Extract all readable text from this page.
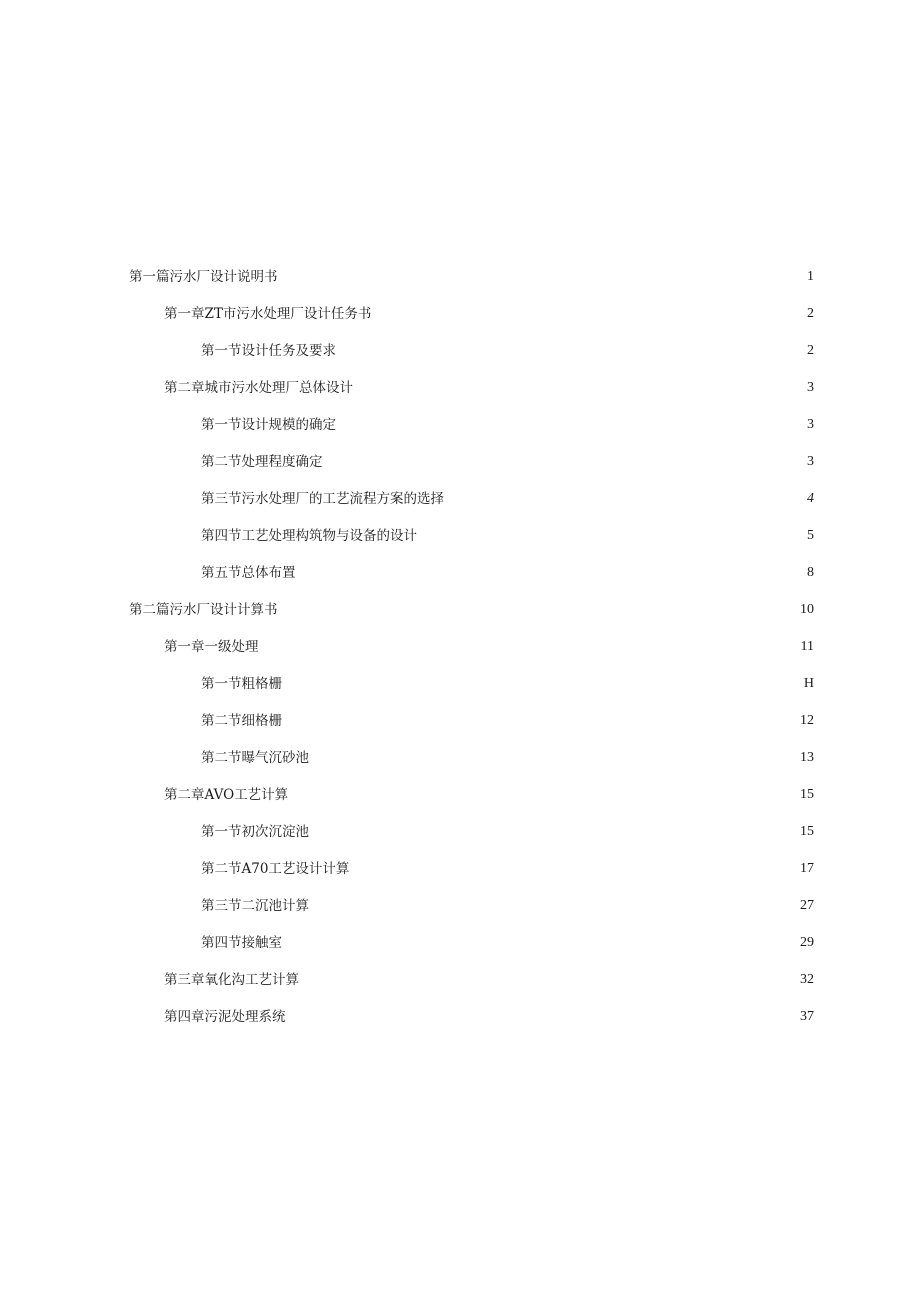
第一篇污水厂设计说明书	1
第一章ZT市污水处理厂设计任务书	2
第一节设计任务及要求	2
第二章城市污水处理厂总体设计	3
第一节设计规模的确定	3
第二节处理程度确定	3
第三节污水处理厂的工艺流程方案的选择	4
第四节工艺处理构筑物与设备的设计	5
第五节总体布置	8
第二篇污水厂设计计算书	10
第一章一级处理	11
第一节粗格栅	H
第二节细格栅	12
第二节曝气沉砂池	13
第二章AVO工艺计算	15
第一节初次沉淀池	15
第二节A70工艺设计计算	17
第三节二沉池计算	27
第四节接触室	29
第三章氧化沟工艺计算	32
第四章污泥处理系统	37
